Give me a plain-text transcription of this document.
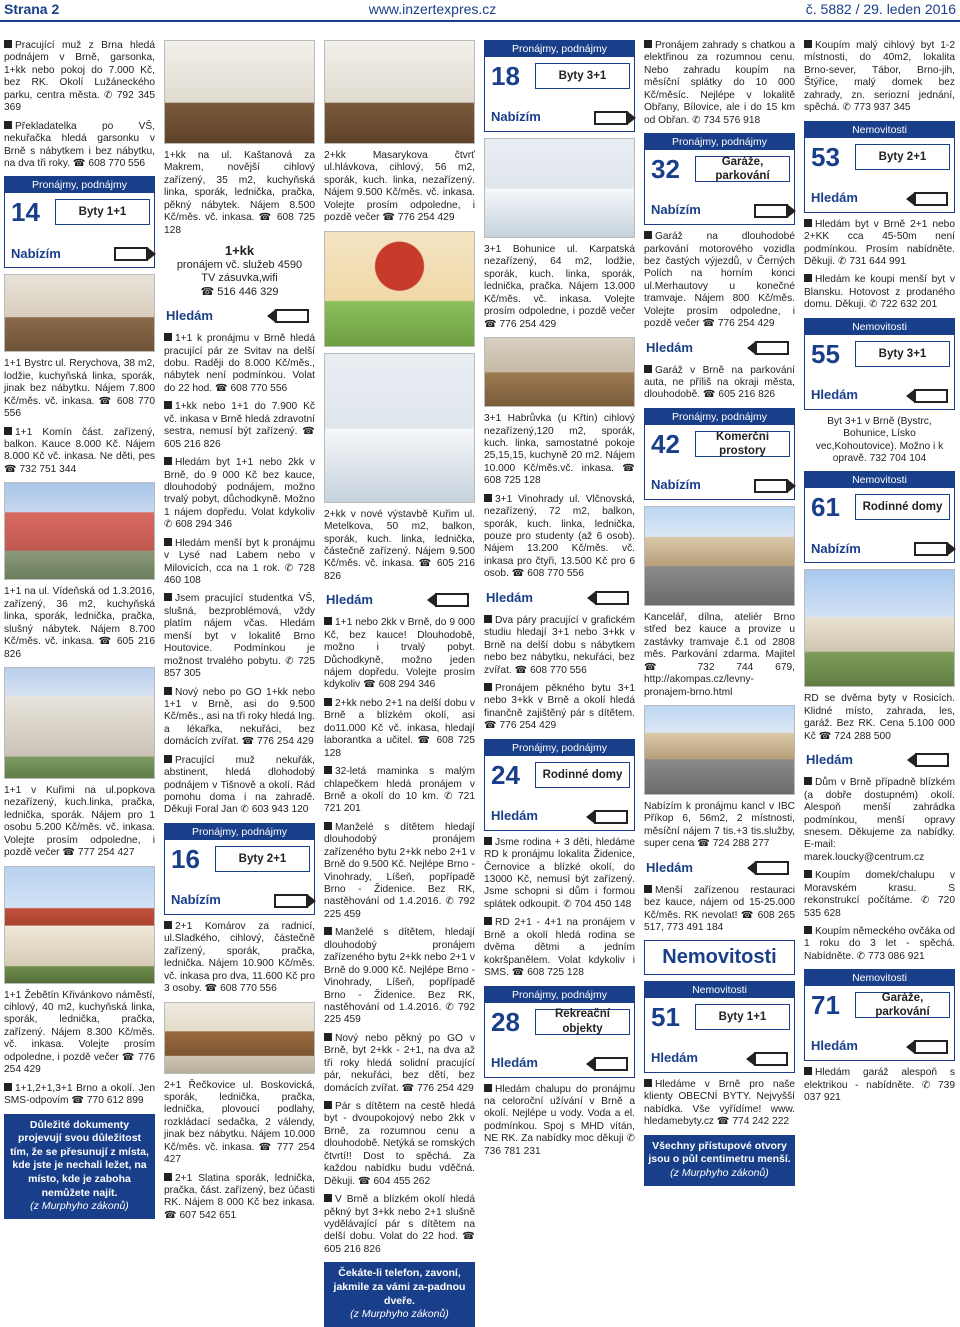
Strana 2	www.inzertexpres.cz	č. 5882 / 29. leden 2016
Pracující muž z Brna hledá podnájem v Brně, garsonka, 1+kk nebo pokoj do 7.000 Kč, bez RK. Okolí Lužáneckého parku, centra města. ✆ 792 345 369
Překladatelka po VŠ, nekuřačka hledá garsonku v Brně s nábytkem i bez nábytku, na dva tři roky. ☎ 608 770 556
Pronájmy, podnájmy
14	Byty 1+1
Nabízím
1+1 Bystrc ul. Rerychova, 38 m2, lodžie, kuchyňská linka, sporák, jinak bez nábytku. Nájem 7.800 Kč/měs. vč. inkasa. ☎ 608 770 556
1+1 Komín část. zařízený, balkon. Kauce 8.000 Kč. Nájem 8.000 Kč vč. inkasa. Ne děti, pes ☎ 732 751 344
1+1 na ul. Vídeňská od 1.3.2016, zařízený, 36 m2, kuchyňská linka, sporák, lednička, pračka, slušný nábytek. Nájem 8.700 Kč/měs. vč. inkasa. ☎ 605 216 826
1+1 v Kuřimi na ul.popkova nezařízený, kuch.linka, pračka, lednička, sporák. Nájem pro 1 osobu 5.200 Kč/měs. vč. inkasa. Volejte prosím odpoledne, i pozdě večer ☎ 777 254 427
1+1 Žebětín Křivánkovo náměstí, cihlový, 40 m2, kuchyňská linka, sporák, lednička, pračka, zařízený. Nájem 8.300 Kč/měs. vč. inkasa. Volejte prosím odpoledne, i pozdě večer ☎ 776 254 429
1+1,2+1,3+1 Brno a okolí. Jen SMS-odpovím ☎ 770 612 899
Důležité dokumenty projevují svou důležitost tím, že se přesunují z místa, kde jste je nechali ležet, na místo, kde je zaboha nemůžete najít.
(z Murphyho zákonů)
1+kk na ul. Kaštanová za Makrem, novější cihlový zařízený, 35 m2, kuchyňská linka, sporák, lednička, pračka, pěkný nábytek. Nájem 8.500 Kč/měs. vč. inkasa. ☎ 608 725 128
1+kk
pronájem vč. služeb 4590
TV zásuvka,wifi
☎ 516 446 329
Hledám
1+1 k pronájmu v Brně hledá pracující pár ze Svitav na delší dobu. Raději do 8.000 Kč/měs., nábytek není podmínkou. Volat do 22 hod. ☎ 608 770 556
1+kk nebo 1+1 do 7.900 Kč vč. inkasa v Brně hledá zdravotní sestra, nemusí být zařízený. ☎ 605 216 826
Hledám byt 1+1 nebo 2kk v Brně, do 9 000 Kč bez kauce, dlouhodobý podnájem, možno trvalý pobyt, důchodkyně. Možno 1 nájem dopředu. Volat kdykoliv ✆ 608 294 346
Hledám menší byt k pronájmu v Lysé nad Labem nebo v Milovicích, cca na 1 rok. ✆ 728 460 108
Jsem pracující studentka VŠ, slušná, bezproblémová, vždy platím nájem včas. Hledám menší byt v lokalitě Brno Houtovice. Podmínkou je možnost trvalého pobytu. ✆ 725 857 305
Nový nebo po GO 1+kk nebo 1+1 v Brně, asi do 9.500 Kč/měs., asi na tři roky hledá Ing. a lékařka, nekuřáci, bez domácích zvířat. ☎ 776 254 429
Pracující muž nekuřák, abstinent, hledá dlohodobý podnájem v Tišnově a okolí. Rád pomohu doma i na zahradě. Děkuji Foral Jan ✆ 603 943 120
Pronájmy, podnájmy
16	Byty 2+1
Nabízím
2+1 Komárov za radnicí, ul.Sladkého, cihlový, částečně zařízený, sporák, pračka, lednička. Nájem 10.900 Kč/měs. vč. inkasa pro dva, 11.600 Kč pro 3 osoby. ☎ 608 770 556
2+1 Řečkovice ul. Boskovická, sporák, lednička, pračka, lednička, plovoucí podlahy, rozkládací sedačka, 2 válendy, jinak bez nábytku. Nájem 10.000 Kč/měs. vč. inkasa. ☎ 777 254 427
2+1 Slatina sporák, lednička, pračka, část. zařízený, bez účasti RK. Nájem 8 000 Kč bez inkasa. ☎ 607 542 651
2+kk Masarykova čtvrť ul.hlávkova, cihlový, 56 m2, sporák, kuch. linka, nezařízený. Nájem 9.500 Kč/měs. vč. inkasa. Volejte prosím odpoledne, i pozdě večer ☎ 776 254 429
2+kk v nové výstavbě Kuřim ul. Metelkova, 50 m2, balkon, sporák, kuch. linka, lednička, částečně zařízený. Nájem 9.500 Kč/měs. vč. inkasa. ☎ 605 216 826
Hledám
1+1 nebo 2kk v Brně, do 9 000 Kč, bez kauce! Dlouhodobě, možno i trvalý pobyt. Důchodkyně, možno jeden nájem dopředu. Volejte prosím kdykoliv ☎ 608 294 346
2+kk nebo 2+1 na delší dobu v Brně a blízkém okolí, asi do11.000 Kč vč. inkasa, hledají laborantka a učitel. ☎ 608 725 128
32-letá maminka s malým chlapečkem hledá pronájem v Brně a okolí do 10 km. ✆ 721 721 201
Manželé s dítětem hledají dlouhodobý pronájem zařízeného bytu 2+kk nebo 2+1 v Brně do 9.500 Kč. Nejlépe Brno - Vinohrady, Líšeň, popřípadě Brno - Židenice. Bez RK, nastěhování od 1.4.2016. ✆ 792 225 459
Manželé s dítětem, hledají dlouhodobý pronájem zařízeného bytu 2+kk nebo 2+1 v Brně do 9.000 Kč. Nejlépe Brno - Vinohrady, Líšeň, popřípadě Brno - Židenice. Bez RK, nastěhování od 1.4.2016. ✆ 792 225 459
Nový nebo pěkný po GO v Brně, byt 2+kk - 2+1, na dva až tři roky hledá solidní pracující pár, nekuřáci, bez dětí, bez domácích zvířat. ☎ 776 254 429
Pár s dítětem na cestě hledá byt - dvoupokojový nebo 2kk v Brně, za rozumnou cenu a dlouhodobě. Netýká se romských čtvrtí!! Dost to spěchá. Za každou nabídku budu vděčná. Děkuji. ☎ 604 455 262
V Brně a blízkém okolí hledá pěkný byt 3+kk nebo 2+1 slušně vydělávající pár s dítětem na delší dobu. Volat do 22 hod. ☎ 605 216 826
Čekáte-li telefon, zavoní, jakmile za vámi za-padnou dveře.
(z Murphyho zákonů)
Pronájmy, podnájmy
18	Byty 3+1
Nabízím
3+1 Bohunice ul. Karpatská nezařízený, 64 m2, lodžie, sporák, kuch. linka, sporák, lednička, pračka. Nájem 13.000 Kč/měs. vč. inkasa. Volejte prosím odpoledne, i pozdě večer ☎ 776 254 429
3+1 Habrůvka (u Křtin) cihlový nezařízený,120 m2, sporák, kuch. linka, samostatné pokoje 25,15,15, kuchyně 20 m2. Nájem 10.000 Kč/měs.vč. inkasa. ☎ 608 725 128
3+1 Vinohrady ul. Vlčnovská, nezařízený, 72 m2, balkon, sporák, kuch. linka, lednička, pouze pro studenty (až 6 osob). Nájem 13.200 Kč/měs. vč. inkasa pro čtyři, 13.500 Kč pro 6 osob. ☎ 608 770 556
Hledám
Dva páry pracující v grafickém studiu hledají 3+1 nebo 3+kk v Brně na delší dobu s nábytkem nebo bez nábytku, nekuřáci, bez zvířat. ☎ 608 770 556
Pronájem pěkného bytu 3+1 nebo 3+kk v Brně a okolí hledá finančně zajištěný pár s dítětem. ☎ 776 254 429
Pronájmy, podnájmy
24	Rodinné domy
Hledám
Jsme rodina + 3 děti, hledáme RD k pronájmu lokalita Židenice, Černovice a blízké okolí, do 13000 Kč, nemusí být zařízený. Jsme schopni si dům i formou splátek odkoupit. ✆ 704 450 148
RD 2+1 - 4+1 na pronájem v Brně a okolí hledá rodina se dvěma dětmi a jedním kokršpanělem. Volat kdykoliv i SMS. ☎ 608 725 128
Pronájmy, podnájmy
28	Rekreační objekty
Hledám
Hledám chalupu do pronájmu na celoroční užívání v Brně a okolí. Nejlépe u vody. Voda a el. podmínkou. Spoj s MHD vítán, NE RK. Za nabídky moc děkuji ✆ 736 781 231
Pronájem zahrady s chatkou a elektřinou za rozumnou cenu. Nebo zahradu koupím na měsíční splátky do 10 000 Kč/měsíc. Nejlépe v lokalitě Obřany, Bílovice, ale i do 15 km od Obřan. ✆ 734 576 918
Pronájmy, podnájmy
32	Garáže, parkování
Nabízím
Garáž na dlouhodobé parkování motorového vozidla bez častých výjezdů, v Černých Polích na horním konci ul.Merhautovy u konečné tramvaje. Nájem 800 Kč/měs. Volejte prosím odpoledne, i pozdě večer ☎ 776 254 429
Hledám
Garáž v Brně na parkování auta, ne příliš na okraji města, dlouhodobě. ☎ 605 216 826
Pronájmy, podnájmy
42	Komerční prostory
Nabízím
Kancelář, dílna, ateliér Brno střed bez kauce a provize u zastávky tramvaje č.1 od 2808 měs. Parkování zdarma. Majitel ☎ 732 744 679, http://akompas.cz/levny-pronajem-brno.html
Nabízím k pronájmu kancl v IBC Příkop 6, 56m2, 2 místnosti, měsíční nájem 7 tis.+3 tis.služby, super cena ☎ 724 288 277
Hledám
Menší zařízenou restauraci bez kauce, nájem od 15-25.000 Kč/měs. RK nevolat! ☎ 608 265 517, 773 491 184
Nemovitosti
Nemovitosti
51	Byty 1+1
Hledám
Hledáme v Brně pro naše klienty OBECNÍ BYTY. Nejvyšší nabídka. Vše vyřídíme! www. hledamebyty.cz ☎ 774 242 222
Všechny přístupové otvory jsou o půl centimetru menší.
(z Murphyho zákonů)
Koupím malý cihlový byt 1-2 místnosti, do 40m2, lokalita Brno-sever, Tábor, Brno-jih, Štýřice, malý domek bez zahrady, zn. seriozní jednání, spěchá. ✆ 773 937 345
Nemovitosti
53	Byty 2+1
Hledám
Hledám byt v Brně 2+1 nebo 2+KK cca 45-50m není podmínkou. Prosím nabídněte. Děkuji. ✆ 731 644 991
Hledám ke koupi menší byt v Blansku. Hotovost z prodaného domu. Děkuji. ✆ 722 632 201
Nemovitosti
55	Byty 3+1
Hledám
Byt 3+1 v Brně (Bystrc, Bohunice, Lísko vec,Kohoutovice). Možno i k opravě. 732 704 104
Nemovitosti
61	Rodinné domy
Nabízím
RD se dvěma byty v Rosicích. Klidné místo, zahrada, les, garáž. Bez RK. Cena 5.100 000 Kč ☎ 724 288 500
Hledám
Dům v Brně případně blízkém (a dobře dostupném) okolí. Alespoň menší zahrádka podmínkou, menší opravy snesem. Děkujeme za nabídky. E-mail: marek.loucky@centrum.cz
Koupím domek/chalupu v Moravském krasu. S rekonstrukcí počítáme. ✆ 720 535 628
Koupím německého ovčáka od 1 roku do 3 let - spěchá. Nabídněte. ✆ 773 086 921
Nemovitosti
71	Garáže, parkování
Hledám
Hledám garáž alespoň s elektrikou - nabídněte. ✆ 739 037 921
